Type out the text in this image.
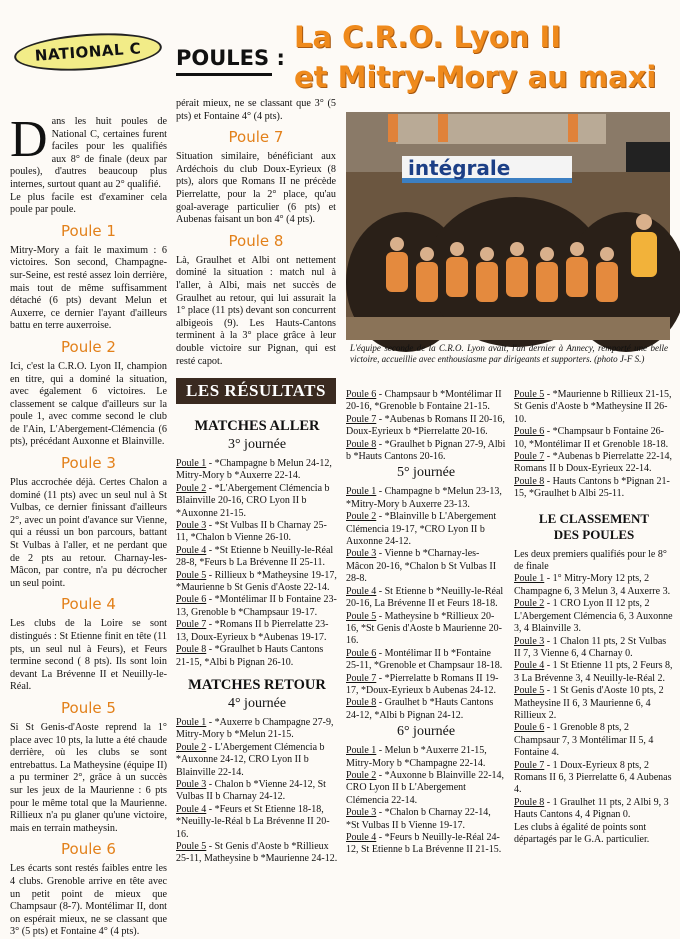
NATIONAL C POULES :
La C.R.O. Lyon II
et Mitry-Mory au maxi

Dans les huit poules de National C, certaines furent faciles pour les qualifiés aux 8° de finale (deux par poules), d'autres beaucoup plus internes, surtout quant au 2° qualifié.

Le plus facile est d'examiner cela poule par poule.

Poule 1

Mitry-Mory a fait le maximum : 6 victoires. Son second, Champagne-sur-Seine, est resté assez loin derrière, mais tout de même suffisamment détaché (6 pts) devant Melun et Auxerre, ce dernier l'ayant d'ailleurs battu en terre auxerroise.

Poule 2

Ici, c'est la C.R.O. Lyon II, champion en titre, qui a dominé la situation, avec également 6 victoires. Le classement se calque d'ailleurs sur la poule 1, avec comme second le club de l'Ain, L'Abergement-Clémencia (6 pts), précédant Auxonne et Blainville.

Poule 3

Plus accrochée déjà. Certes Chalon a dominé (11 pts) avec un seul nul à St Vulbas, ce dernier finissant d'ailleurs 2°, avec un point d'avance sur Vienne, qui a réussi un bon parcours, battant St Vulbas à l'aller, et ne perdant que de 2 pts au retour. Charnay-les-Mâcon, par contre, n'a pu décrocher un seul point.

Poule 4

Les clubs de la Loire se sont distingués : St Etienne finit en tête (11 pts, un seul nul à Feurs), et Feurs termine second ( 8 pts). Ils sont loin devant La Brévenne II et Neuilly-le-Réal.

Poule 5

Si St Genis-d'Aoste reprend la 1° place avec 10 pts, la lutte a été chaude derrière, où les clubs se sont entrebattus. La Matheysine (équipe II) a pu terminer 2°, grâce à un succès sur les jeux de la Maurienne : 6 pts pour le même total que la Maurienne. Rillieux n'a pu glaner qu'une victoire, mais en terrain matheysin.

Poule 6

Les écarts sont restés faibles entre les 4 clubs. Grenoble arrive en tête avec un petit point de mieux que Champsaur (8-7). Montélimar II, dont on espérait mieux, ne se classant que 3° (5 pts) et Fontaine 4° (4 pts).

pérait mieux, ne se classant que 3° (5 pts) et Fontaine 4° (4 pts).

Poule 7

Situation similaire, bénéficiant aux Ardéchois du club Doux-Eyrieux (8 pts), alors que Romans II ne précède Pierrelatte, pour la 2° place, qu'au goal-average particulier (6 pts) et Aubenas faisant un bon 4° (4 pts).

Poule 8

Là, Graulhet et Albi ont nettement dominé la situation : match nul à l'aller, à Albi, mais net succès de Graulhet au retour, qui lui assurait la 1° place (11 pts) devant son concurrent albigeois (9). Les Hauts-Cantons terminent à la 3° place grâce à leur double victoire sur Pignan, qui est resté capot.

intégrale
L'équipe seconde de la C.R.O. Lyon avait, l'an dernier à Annecy, remporté une belle victoire, accueillie avec enthousiasme par dirigeants et supporters. (photo J-F S.)
LES RÉSULTATS
MATCHES ALLER
3° journée

Poule 1 - *Champagne b Melun 24-12, Mitry-Mory b *Auxerre 22-14.

Poule 2 - *L'Abergement Clémencia b Blainville 20-16, CRO Lyon II b *Auxonne 21-15.

Poule 3 - *St Vulbas II b Charnay 25-11, *Chalon b Vienne 26-10.

Poule 4 - *St Etienne b Neuilly-le-Réal 28-8, *Feurs b La Brévenne II 25-11.

Poule 5 - Rillieux b *Matheysine 19-17, *Maurienne b St Genis d'Aoste 22-14.

Poule 6 - *Montélimar II b Fontaine 23-13, Grenoble b *Champsaur 19-17.

Poule 7 - *Romans II b Pierrelatte 23-13, Doux-Eyrieux b *Aubenas 19-17.

Poule 8 - *Graulhet b Hauts Cantons 21-15, *Albi b Pignan 26-10.

MATCHES RETOUR
4° journée

Poule 1 - *Auxerre b Champagne 27-9, Mitry-Mory b *Melun 21-15.

Poule 2 - L'Abergement Clémencia b *Auxonne 24-12, CRO Lyon II b Blainville 22-14.

Poule 3 - Chalon b *Vienne 24-12, St Vulbas II b Charnay 24-12.

Poule 4 - *Feurs et St Etienne 18-18, *Neuilly-le-Réal b La Brévenne II 20-16.

Poule 5 - St Genis d'Aoste b *Rillieux 25-11, Matheysine b *Maurienne 24-12.

Poule 6 - Champsaur b *Montélimar II 20-16, *Grenoble b Fontaine 21-15.

Poule 7 - *Aubenas b Romans II 20-16, Doux-Eyrieux b *Pierrelatte 20-16.

Poule 8 - *Graulhet b Pignan 27-9, Albi b *Hauts Cantons 20-16.

5° journée

Poule 1 - Champagne b *Melun 23-13, *Mitry-Mory b Auxerre 23-13.

Poule 2 - *Blainville b L'Abergement Clémencia 19-17, *CRO Lyon II b Auxonne 24-12.

Poule 3 - Vienne b *Charnay-les-Mâcon 20-16, *Chalon b St Vulbas II 28-8.

Poule 4 - St Etienne b *Neuilly-le-Réal 20-16, La Brévenne II et Feurs 18-18.

Poule 5 - Matheysine b *Rillieux 20-16, *St Genis d'Aoste b Maurienne 20-16.

Poule 6 - Montélimar II b *Fontaine 25-11, *Grenoble et Champsaur 18-18.

Poule 7 - *Pierrelatte b Romans II 19-17, *Doux-Eyrieux b Aubenas 24-12.

Poule 8 - Graulhet b *Hauts Cantons 24-12, *Albi b Pignan 24-12.

6° journée

Poule 1 - Melun b *Auxerre 21-15, Mitry-Mory b *Champagne 22-14.

Poule 2 - *Auxonne b Blainville 22-14, CRO Lyon II b L'Abergement Clémencia 22-14.

Poule 3 - *Chalon b Charnay 22-14, *St Vulbas II b Vienne 19-17.

Poule 4 - *Feurs b Neuilly-le-Réal 24-12, St Etienne b La Brévenne II 21-15.

Poule 5 - *Maurienne b Rillieux 21-15, St Genis d'Aoste b *Matheysine II 26-10.

Poule 6 - *Champsaur b Fontaine 26-10, *Montélimar II et Grenoble 18-18.

Poule 7 - *Aubenas b Pierrelatte 22-14, Romans II b Doux-Eyrieux 22-14.

Poule 8 - Hauts Cantons b *Pignan 21-15, *Graulhet b Albi 25-11.

LE CLASSEMENT
DES POULES

Les deux premiers qualifiés pour le 8° de finale

Poule 1 - 1° Mitry-Mory 12 pts, 2 Champagne 6, 3 Melun 3, 4 Auxerre 3.

Poule 2 - 1 CRO Lyon II 12 pts, 2 L'Abergement Clémencia 6, 3 Auxonne 3, 4 Blainville 3.

Poule 3 - 1 Chalon 11 pts, 2 St Vulbas II 7, 3 Vienne 6, 4 Charnay 0.

Poule 4 - 1 St Etienne 11 pts, 2 Feurs 8, 3 La Brévenne 3, 4 Neuilly-le-Réal 2.

Poule 5 - 1 St Genis d'Aoste 10 pts, 2 Matheysine II 6, 3 Maurienne 6, 4 Rillieux 2.

Poule 6 - 1 Grenoble 8 pts, 2 Champsaur 7, 3 Montélimar II 5, 4 Fontaine 4.

Poule 7 - 1 Doux-Eyrieux 8 pts, 2 Romans II 6, 3 Pierrelatte 6, 4 Aubenas 4.

Poule 8 - 1 Graulhet 11 pts, 2 Albi 9, 3 Hauts Cantons 4, 4 Pignan 0.

Les clubs à égalité de points sont départagés par le G.A. particulier.
